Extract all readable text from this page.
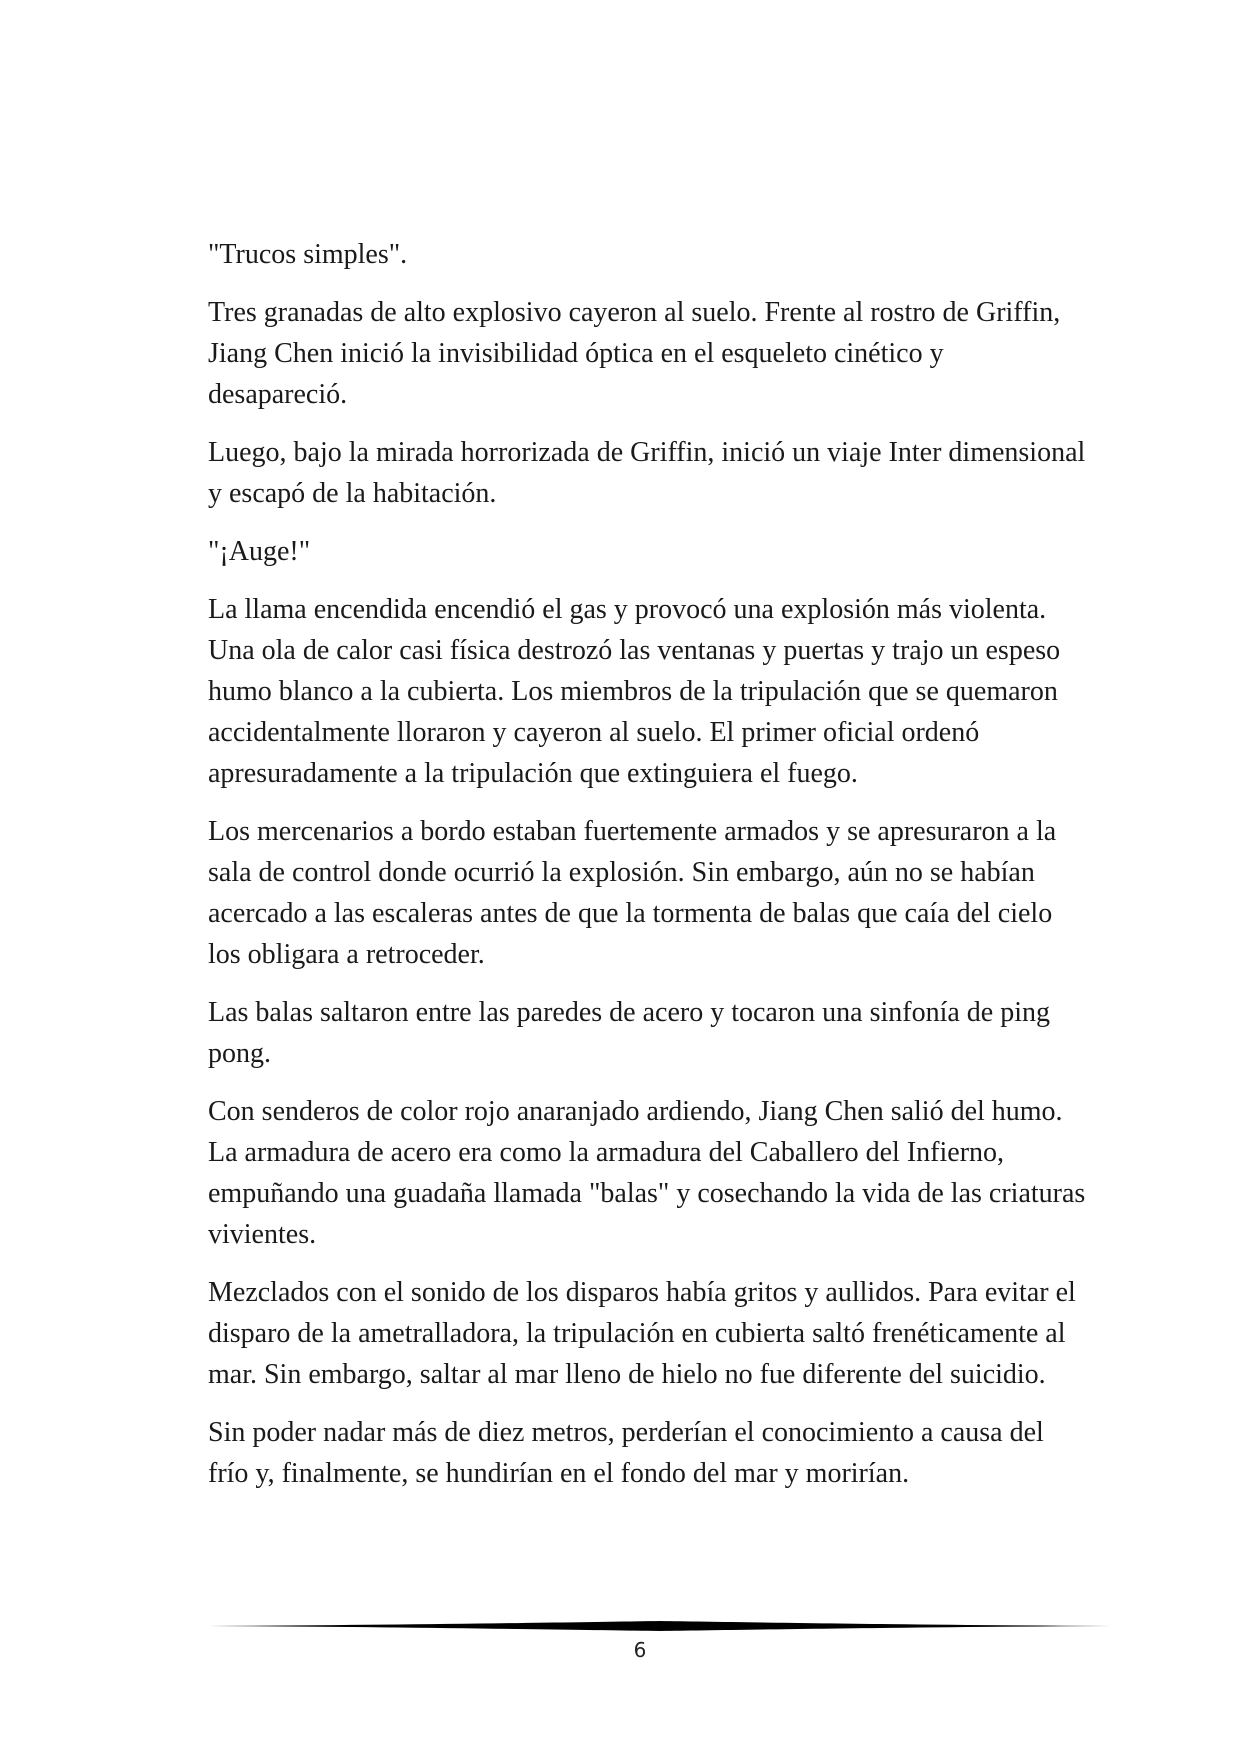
"Trucos simples".

Tres granadas de alto explosivo cayeron al suelo. Frente al rostro de Griffin, Jiang Chen inició la invisibilidad óptica en el esqueleto cinético y desapareció.

Luego, bajo la mirada horrorizada de Griffin, inició un viaje Inter dimensional y escapó de la habitación.

"¡Auge!"

La llama encendida encendió el gas y provocó una explosión más violenta. Una ola de calor casi física destrozó las ventanas y puertas y trajo un espeso humo blanco a la cubierta. Los miembros de la tripulación que se quemaron accidentalmente lloraron y cayeron al suelo. El primer oficial ordenó apresuradamente a la tripulación que extinguiera el fuego.

Los mercenarios a bordo estaban fuertemente armados y se apresuraron a la sala de control donde ocurrió la explosión. Sin embargo, aún no se habían acercado a las escaleras antes de que la tormenta de balas que caía del cielo los obligara a retroceder.

Las balas saltaron entre las paredes de acero y tocaron una sinfonía de ping pong.

Con senderos de color rojo anaranjado ardiendo, Jiang Chen salió del humo. La armadura de acero era como la armadura del Caballero del Infierno, empuñando una guadaña llamada "balas" y cosechando la vida de las criaturas vivientes.

Mezclados con el sonido de los disparos había gritos y aullidos. Para evitar el disparo de la ametralladora, la tripulación en cubierta saltó frenéticamente al mar. Sin embargo, saltar al mar lleno de hielo no fue diferente del suicidio.

Sin poder nadar más de diez metros, perderían el conocimiento a causa del frío y, finalmente, se hundirían en el fondo del mar y morirían.

6
